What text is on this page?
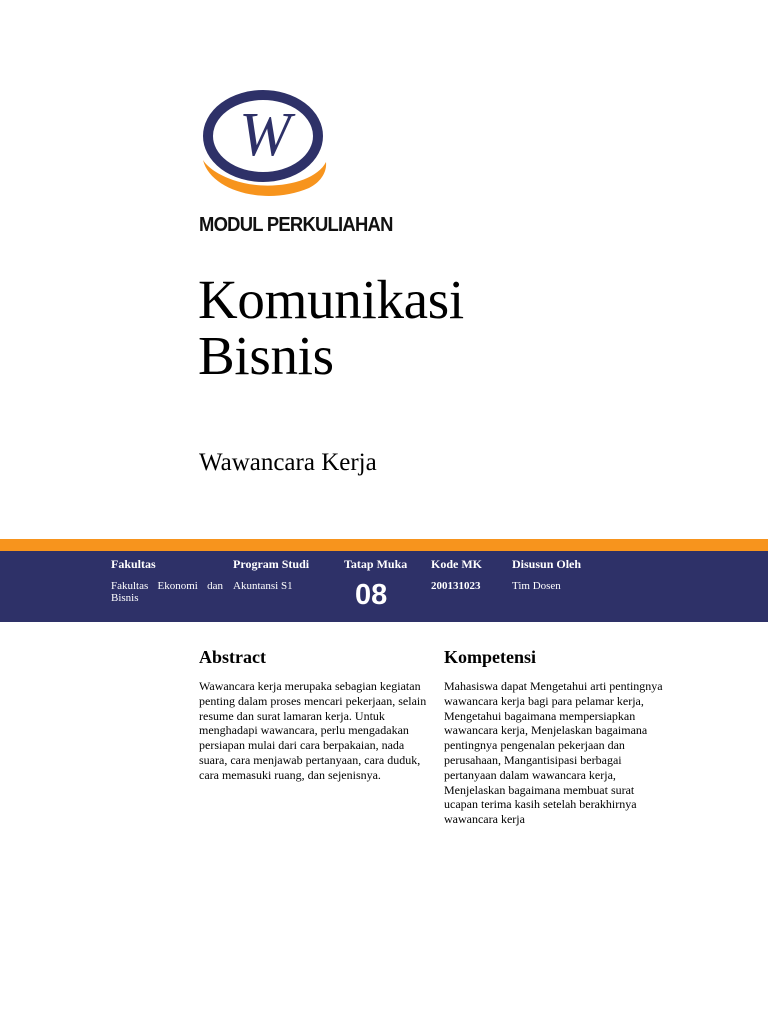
W
MODUL PERKULIAHAN
Komunikasi
Bisnis
Wawancara Kerja
Fakultas
Fakultas Ekonomi dan Bisnis
Program Studi
Akuntansi S1
Tatap Muka	Kode MK
200131023
Disusun Oleh
Tim Dosen
08
Abstract
Wawancara kerja merupaka sebagian kegiatan penting dalam proses mencari pekerjaan, selain resume dan surat lamaran kerja. Untuk menghadapi wawancara, perlu mengadakan persiapan mulai dari cara berpakaian, nada suara, cara menjawab pertanyaan, cara duduk, cara memasuki ruang, dan sejenisnya.
Kompetensi
Mahasiswa dapat Mengetahui arti pentingnya wawancara kerja bagi para pelamar kerja, Mengetahui bagaimana mempersiapkan wawancara kerja, Menjelaskan bagaimana pentingnya pengenalan pekerjaan dan perusahaan, Mangantisipasi berbagai pertanyaan dalam wawancara kerja, Menjelaskan bagaimana membuat surat ucapan terima kasih setelah berakhirnya wawancara kerja
